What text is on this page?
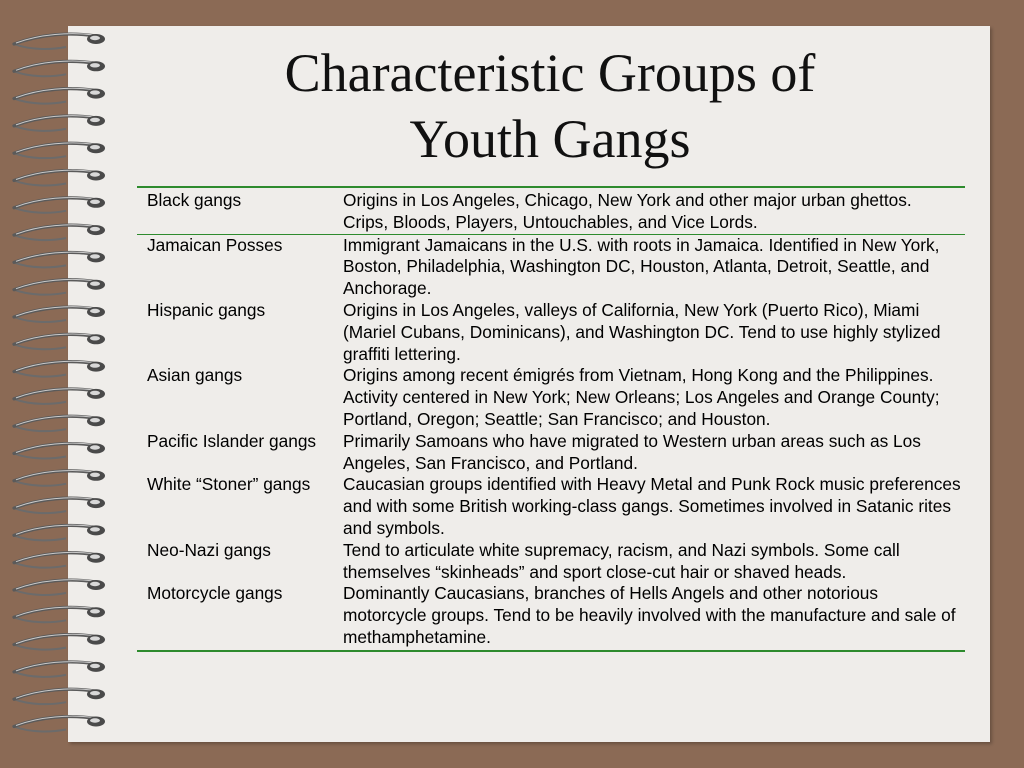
Characteristic Groups of
Youth Gangs
Black gangs	Origins in Los Angeles, Chicago, New York and other major urban ghettos. Crips, Bloods, Players, Untouchables, and Vice Lords.
Jamaican Posses	Immigrant Jamaicans in the U.S. with roots in Jamaica. Identified in New York, Boston, Philadelphia, Washington DC, Houston, Atlanta, Detroit, Seattle, and Anchorage.
Hispanic gangs	Origins in Los Angeles, valleys of California, New York (Puerto Rico), Miami (Mariel Cubans, Dominicans), and Washington DC. Tend to use highly stylized graffiti lettering.
Asian gangs	Origins among recent émigrés from Vietnam, Hong Kong and the Philippines. Activity centered in New York; New Orleans; Los Angeles and Orange County; Portland, Oregon; Seattle; San Francisco; and Houston.
Pacific Islander gangs	Primarily Samoans who have migrated to Western urban areas such as Los Angeles, San Francisco, and Portland.
White “Stoner” gangs	Caucasian groups identified with Heavy Metal and Punk Rock music preferences and with some British working-class gangs. Sometimes involved in Satanic rites and symbols.
Neo-Nazi gangs	Tend to articulate white supremacy, racism, and Nazi symbols. Some call themselves “skinheads” and sport close-cut hair or shaved heads.
Motorcycle gangs	Dominantly Caucasians, branches of Hells Angels and other notorious motorcycle groups. Tend to be heavily involved with the manufacture and sale of methamphetamine.
